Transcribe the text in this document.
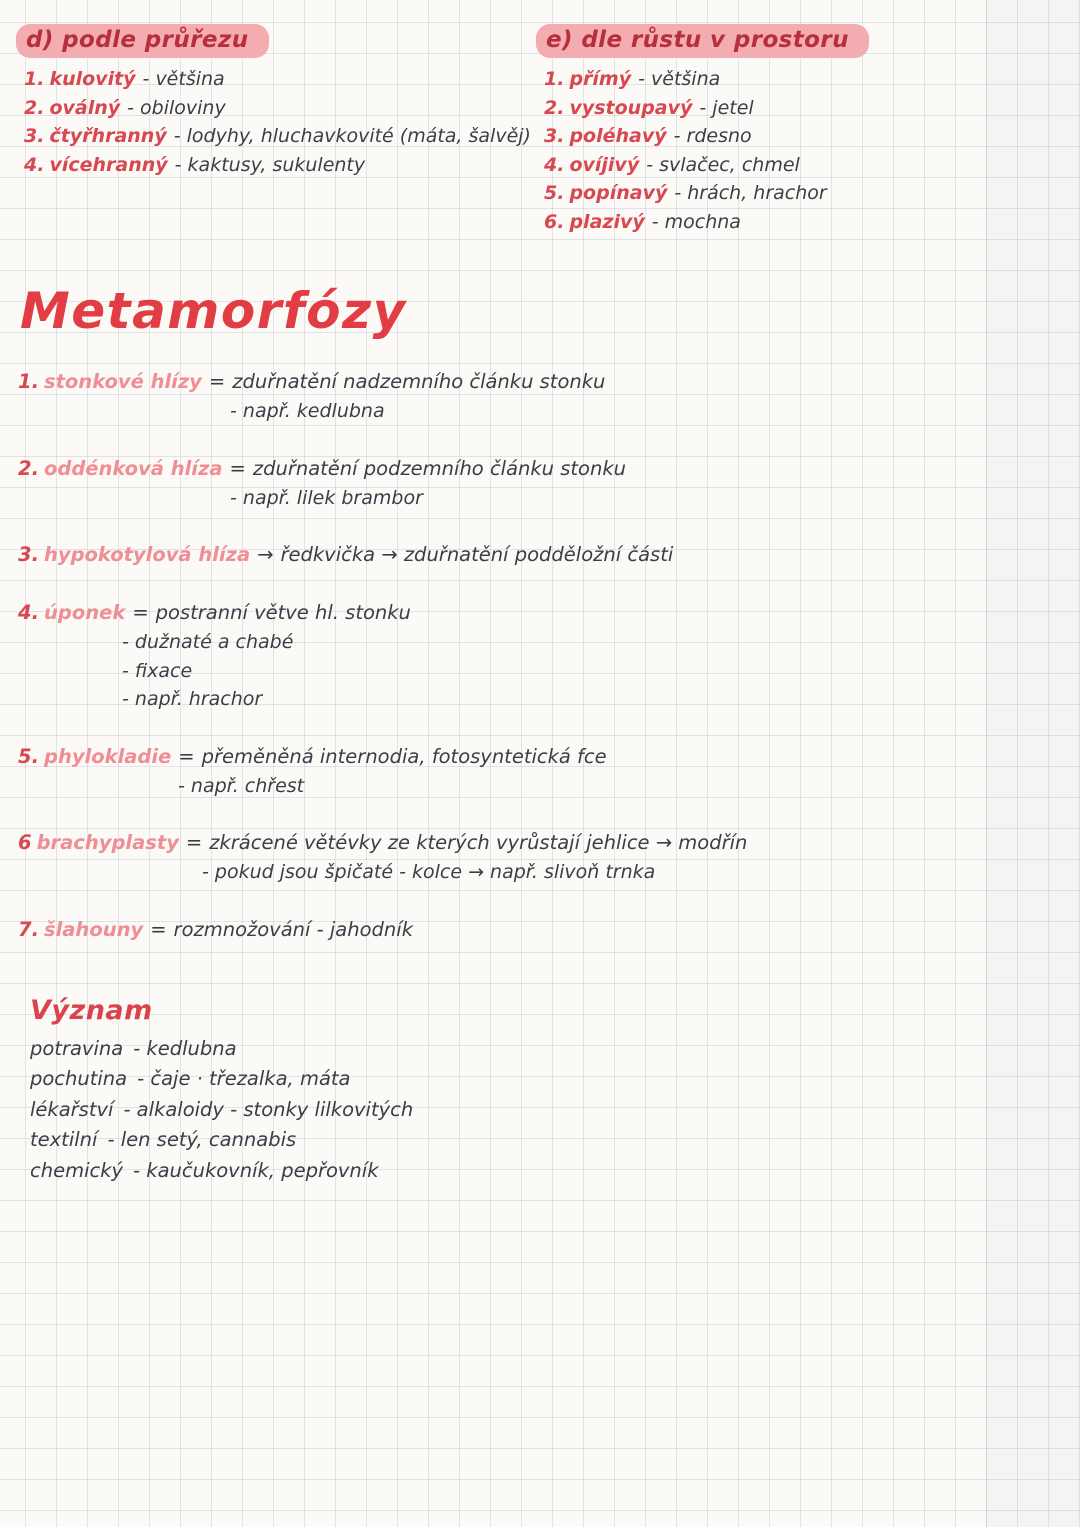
d) podle průřezu
1. kulovitý - většina
2. oválný - obiloviny
3. čtyřhranný - lodyhy, hluchavkovité (máta, šalvěj)
4. vícehranný - kaktusy, sukulenty
e) dle růstu v prostoru
1. přímý - většina
2. vystoupavý - jetel
3. poléhavý - rdesno
4. ovíjivý - svlačec, chmel
5. popínavý - hrách, hrachor
6. plazivý - mochna
Metamorfózy
1. stonkové hlízy = zduřnatění nadzemního článku stonku
- např. kedlubna
2. oddénková hlíza = zduřnatění podzemního článku stonku
- např. lilek brambor
3. hypokotylová hlíza → ředkvička → zduřnatění podděložní části
4. úponek = postranní větve hl. stonku
- dužnaté a chabé
- fixace
- např. hrachor
5. phylokladie = přeměněná internodia, fotosyntetická fce
- např. chřest
6 brachyplasty = zkrácené větévky ze kterých vyrůstají jehlice → modřín
- pokud jsou špičaté - kolce → např. slivoň trnka
7. šlahouny = rozmnožování - jahodník
Význam
potravina - kedlubna
pochutina - čaje · třezalka, máta
lékařství - alkaloidy - stonky lilkovitých
textilní - len setý, cannabis
chemický - kaučukovník, pepřovník
